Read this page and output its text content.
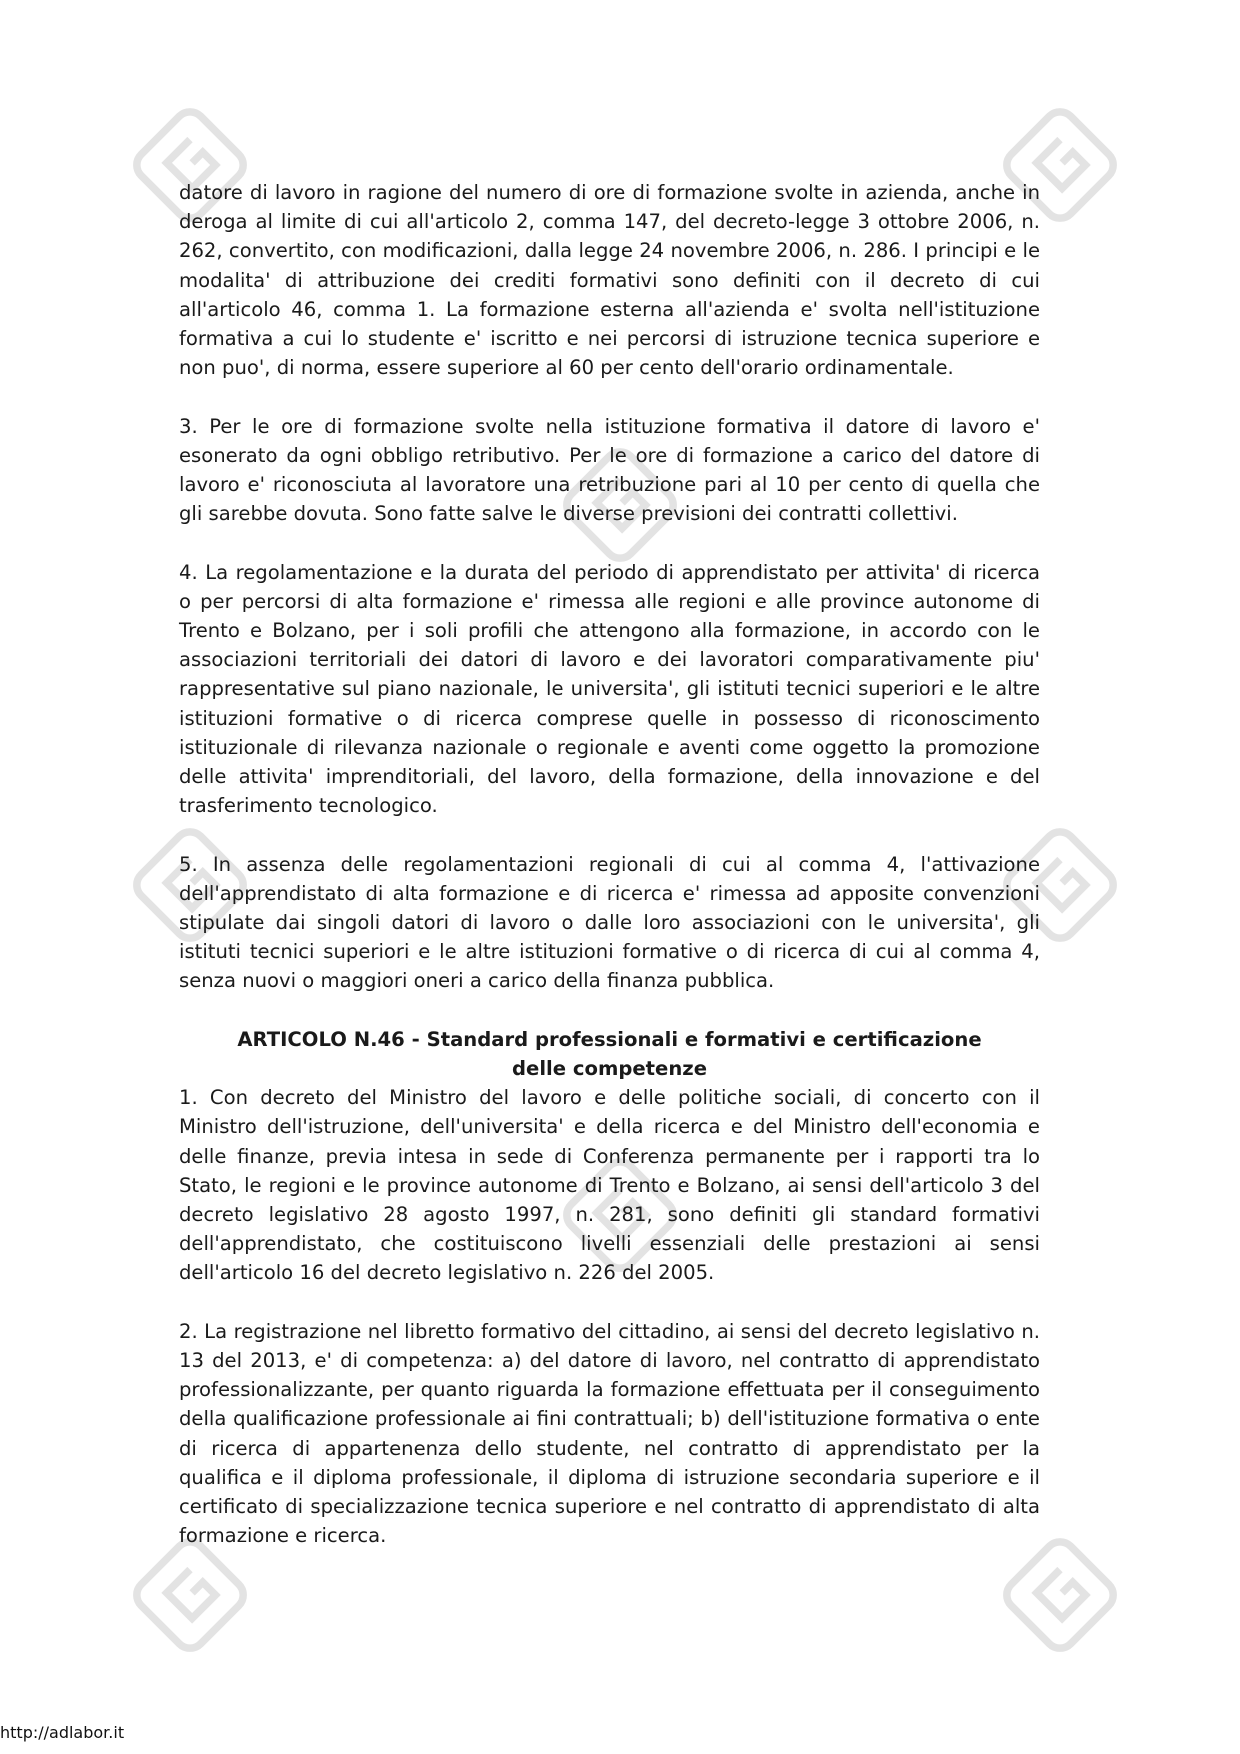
datore di lavoro in ragione del numero di ore di formazione svolte in azienda, anche in deroga al limite di cui all'articolo 2, comma 147, del decreto-legge 3 ottobre 2006, n. 262, convertito, con modificazioni, dalla legge 24 novembre 2006, n. 286. I principi e le modalita' di attribuzione dei crediti formativi sono definiti con il decreto di cui all'articolo 46, comma 1. La formazione esterna all'azienda e' svolta nell'istituzione formativa a cui lo studente e' iscritto e nei percorsi di istruzione tecnica superiore e non puo', di norma, essere superiore al 60 per cento dell'orario ordinamentale.

3. Per le ore di formazione svolte nella istituzione formativa il datore di lavoro e' esonerato da ogni obbligo retributivo. Per le ore di formazione a carico del datore di lavoro e' riconosciuta al lavoratore una retribuzione pari al 10 per cento di quella che gli sarebbe dovuta. Sono fatte salve le diverse previsioni dei contratti collettivi.

4. La regolamentazione e la durata del periodo di apprendistato per attivita' di ricerca o per percorsi di alta formazione e' rimessa alle regioni e alle province autonome di Trento e Bolzano, per i soli profili che attengono alla formazione, in accordo con le associazioni territoriali dei datori di lavoro e dei lavoratori comparativamente piu' rappresentative sul piano nazionale, le universita', gli istituti tecnici superiori e le altre istituzioni formative o di ricerca comprese quelle in possesso di riconoscimento istituzionale di rilevanza nazionale o regionale e aventi come oggetto la promozione delle attivita' imprenditoriali, del lavoro, della formazione, della innovazione e del trasferimento tecnologico.

5. In assenza delle regolamentazioni regionali di cui al comma 4, l'attivazione dell'apprendistato di alta formazione e di ricerca e' rimessa ad apposite convenzioni stipulate dai singoli datori di lavoro o dalle loro associazioni con le universita', gli istituti tecnici superiori e le altre istituzioni formative o di ricerca di cui al comma 4, senza nuovi o maggiori oneri a carico della finanza pubblica.

ARTICOLO N.46 - Standard professionali e formativi e certificazione
delle competenze

1. Con decreto del Ministro del lavoro e delle politiche sociali, di concerto con il Ministro dell'istruzione, dell'universita' e della ricerca e del Ministro dell'economia e delle finanze, previa intesa in sede di Conferenza permanente per i rapporti tra lo Stato, le regioni e le province autonome di Trento e Bolzano, ai sensi dell'articolo 3 del decreto legislativo 28 agosto 1997, n. 281, sono definiti gli standard formativi dell'apprendistato, che costituiscono livelli essenziali delle prestazioni ai sensi dell'articolo 16 del decreto legislativo n. 226 del 2005.

2. La registrazione nel libretto formativo del cittadino, ai sensi del decreto legislativo n. 13 del 2013, e' di competenza: a) del datore di lavoro, nel contratto di apprendistato professionalizzante, per quanto riguarda la formazione effettuata per il conseguimento della qualificazione professionale ai fini contrattuali; b) dell'istituzione formativa o ente di ricerca di appartenenza dello studente, nel contratto di apprendistato per la qualifica e il diploma professionale, il diploma di istruzione secondaria superiore e il certificato di specializzazione tecnica superiore e nel contratto di apprendistato di alta formazione e ricerca.

http://adlabor.it
